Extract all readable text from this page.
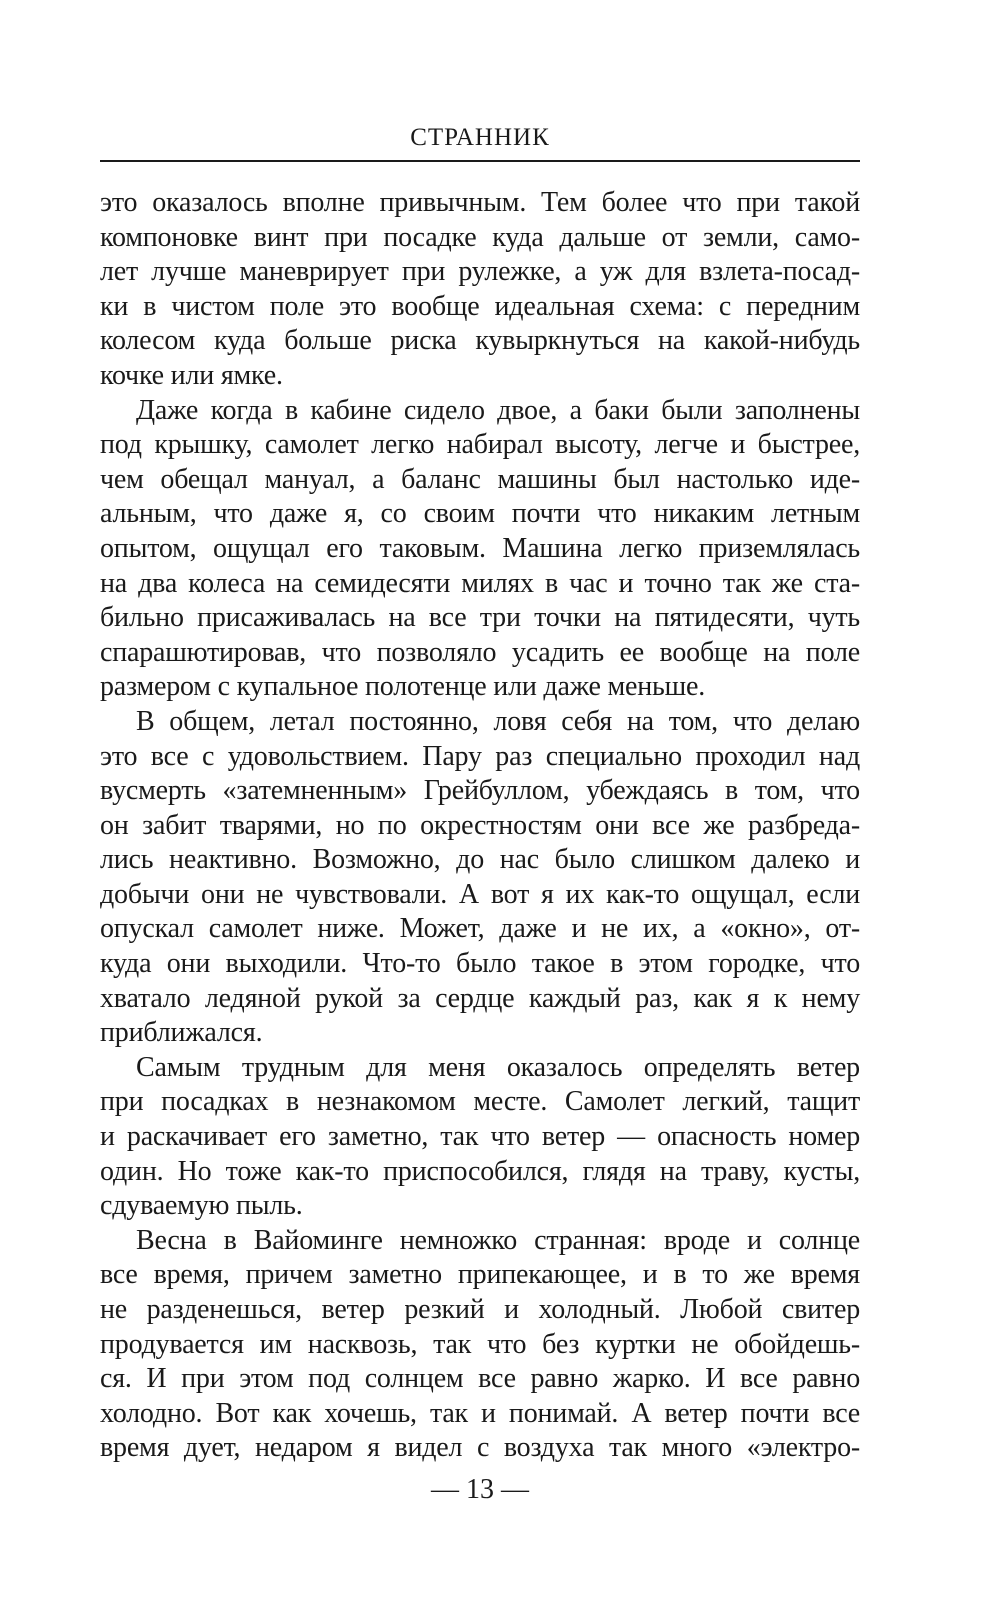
СТРАННИК

это оказалось вполне привычным. Тем более что при такой
компоновке винт при посадке куда дальше от земли, само-
лет лучше маневрирует при рулежке, а уж для взлета-посад-
ки в чистом поле это вообще идеальная схема: с передним
колесом куда больше риска кувыркнуться на какой-нибудь
кочке или ямке.

Даже когда в кабине сидело двое, а баки были заполнены
под крышку, самолет легко набирал высоту, легче и быстрее,
чем обещал мануал, а баланс машины был настолько иде-
альным, что даже я, со своим почти что никаким летным
опытом, ощущал его таковым. Машина легко приземлялась
на два колеса на семидесяти милях в час и точно так же ста-
бильно присаживалась на все три точки на пятидесяти, чуть
спарашютировав, что позволяло усадить ее вообще на поле
размером с купальное полотенце или даже меньше.

В общем, летал постоянно, ловя себя на том, что делаю
это все с удовольствием. Пару раз специально проходил над
вусмерть «затемненным» Грейбуллом, убеждаясь в том, что
он забит тварями, но по окрестностям они все же разбреда-
лись неактивно. Возможно, до нас было слишком далеко и
добычи они не чувствовали. А вот я их как-то ощущал, если
опускал самолет ниже. Может, даже и не их, а «окно», от-
куда они выходили. Что-то было такое в этом городке, что
хватало ледяной рукой за сердце каждый раз, как я к нему
приближался.

Самым трудным для меня оказалось определять ветер
при посадках в незнакомом месте. Самолет легкий, тащит
и раскачивает его заметно, так что ветер — опасность номер
один. Но тоже как-то приспособился, глядя на траву, кусты,
сдуваемую пыль.

Весна в Вайоминге немножко странная: вроде и солнце
все время, причем заметно припекающее, и в то же время
не разденешься, ветер резкий и холодный. Любой свитер
продувается им насквозь, так что без куртки не обойдешь-
ся. И при этом под солнцем все равно жарко. И все равно
холодно. Вот как хочешь, так и понимай. А ветер почти все
время дует, недаром я видел с воздуха так много «электро-

— 13 —
